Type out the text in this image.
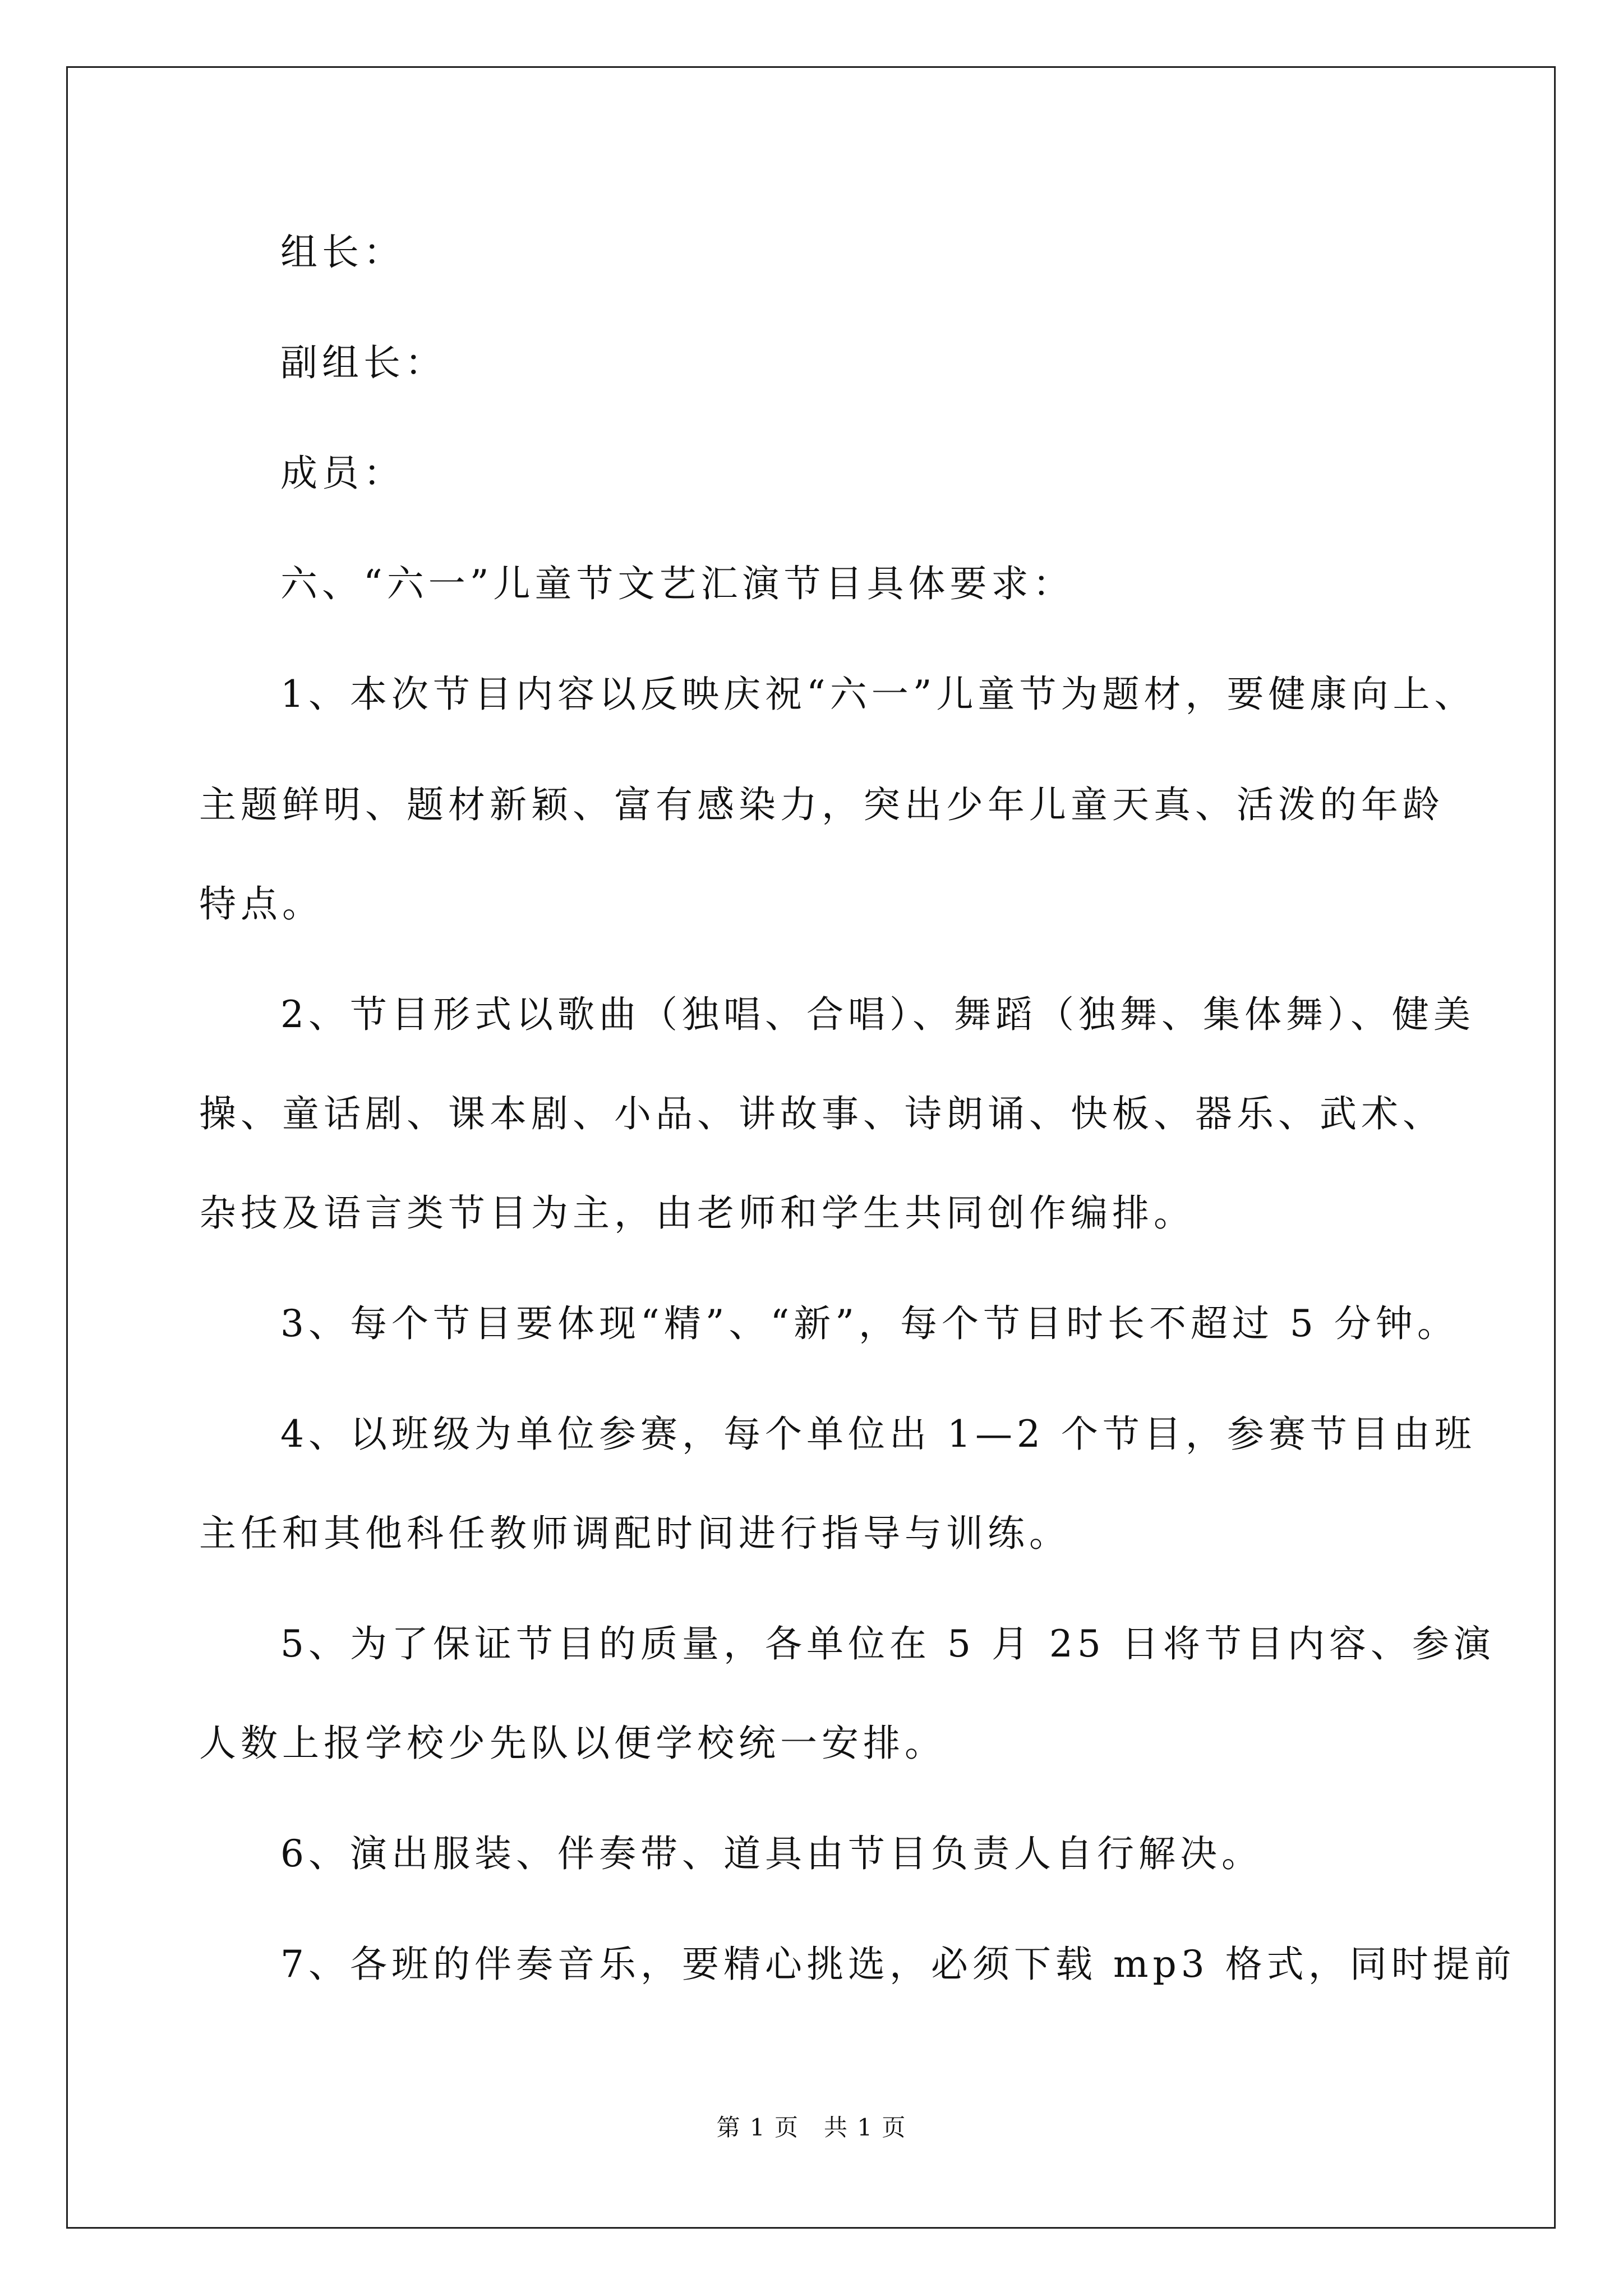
组长：
副组长：
成员：
六、“六一”儿童节文艺汇演节目具体要求：
1、本次节目内容以反映庆祝“六一”儿童节为题材，要健康向上、
主题鲜明、题材新颖、富有感染力，突出少年儿童天真、活泼的年龄
特点。
2、节目形式以歌曲（独唱、合唱）、舞蹈（独舞、集体舞）、健美
操、童话剧、课本剧、小品、讲故事、诗朗诵、快板、器乐、武术、
杂技及语言类节目为主，由老师和学生共同创作编排。
3、每个节目要体现“精”、“新”，每个节目时长不超过 5 分钟。
4、以班级为单位参赛，每个单位出 1—2 个节目，参赛节目由班
主任和其他科任教师调配时间进行指导与训练。
5、为了保证节目的质量，各单位在 5 月 25 日将节目内容、参演
人数上报学校少先队以便学校统一安排。
6、演出服装、伴奏带、道具由节目负责人自行解决。
7、各班的伴奏音乐，要精心挑选，必须下载 mp3 格式，同时提前
第 1 页　共 1 页
